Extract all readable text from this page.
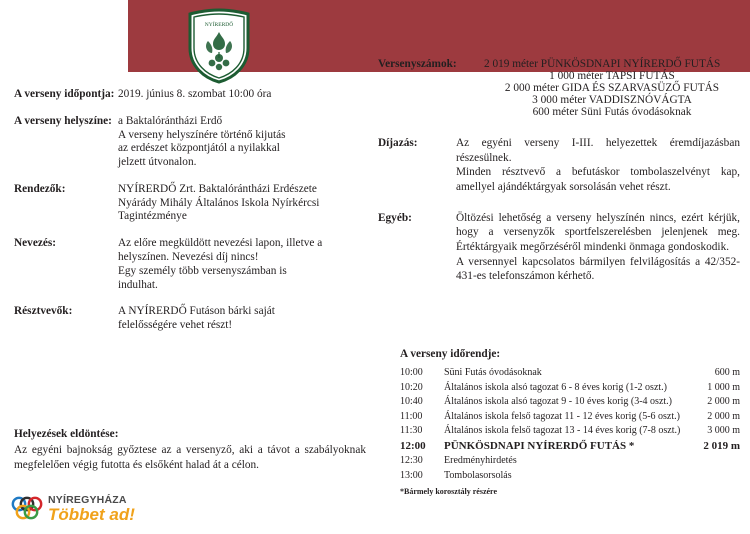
NYÍRERDŐ
A verseny időpontja: 2019. június 8. szombat 10:00 óra
A verseny helyszíne: a Baktalórántházi Erdő
A verseny helyszínére történő kijutás
az erdészet központjától a nyilakkal
jelzett útvonalon.
Rendezők:	NYÍRERDŐ Zrt. Baktalórántházi Erdészete
Nyárády Mihály Általános Iskola Nyírkércsi
Tagintézménye
Nevezés:	Az előre megküldött nevezési lapon, illetve a
helyszínen. Nevezési díj nincs!
Egy személy több versenyszámban is
indulhat.
Résztvevők:	A NYÍRERDŐ Futáson bárki saját
felelősségére vehet részt!
Helyezések eldöntése:
Az egyéni bajnokság győztese az a versenyző, aki a távot a szabályoknak megfelelően végig futotta és elsőként halad át a célon.
Versenyszámok:	2 019 méter PÜNKÖSDNAPI NYÍRERDŐ FUTÁS
1 000 méter TAPSI FUTÁS
2 000 méter GIDA ÉS SZARVASÜZŐ FUTÁS
3 000 méter VADDISZNÓVÁGTA
600 méter Süni Futás óvodásoknak
Díjazás:	Az egyéni verseny I-III. helyezettek éremdíjazásban részesülnek.
Minden résztvevő a befutáskor tombolaszelvényt kap, amellyel ajándéktárgyak sorsolásán vehet részt.
Egyéb:	Öltözési lehetőség a verseny helyszínén nincs, ezért kérjük, hogy a versenyzők sportfelszerelésben jelenjenek meg. Értéktárgyaik megőrzéséről mindenki önmaga gondoskodik.
A versennyel kapcsolatos bármilyen felvilágosítás a 42/352-431-es telefonszámon kérhető.
A verseny időrendje:
10:00	Süni Futás óvodásoknak	600 m
10:20	Általános iskola alsó tagozat 6 - 8 éves korig (1-2 oszt.)	1 000 m
10:40	Általános iskola alsó tagozat 9 - 10 éves korig (3-4 oszt.)	2 000 m
11:00	Általános iskola felső tagozat 11 - 12 éves korig (5-6 oszt.)	2 000 m
11:30	Általános iskola felső tagozat 13 - 14 éves korig (7-8 oszt.)	3 000 m
12:00	PÜNKÖSDNAPI NYÍRERDŐ FUTÁS *	2 019 m
12:30	Eredményhirdetés
13:00	Tombolasorsolás
*Bármely korosztály részére
NYÍREGYHÁZA
Többet ad!
